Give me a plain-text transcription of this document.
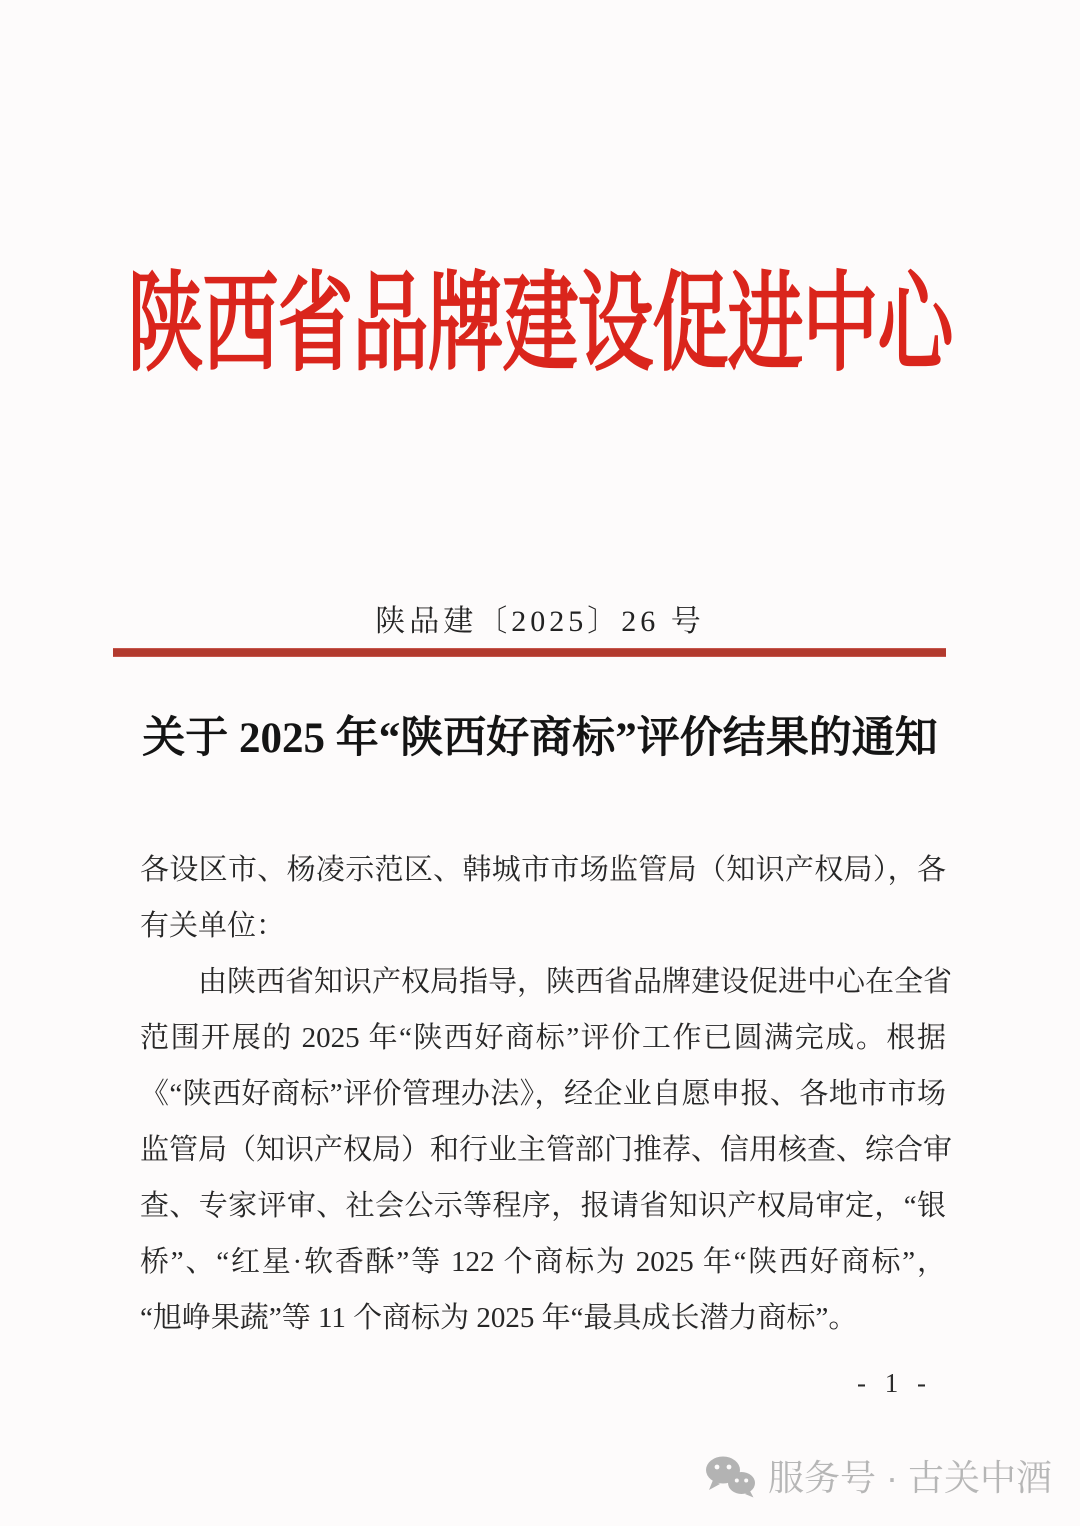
陕西省品牌建设促进中心
陕品建〔2025〕26 号
关于 2025 年“陕西好商标”评价结果的通知
各设区市、杨凌示范区、韩城市市场监管局（知识产权局），各
有关单位：
由陕西省知识产权局指导，陕西省品牌建设促进中心在全省
范围开展的 2025 年“陕西好商标”评价工作已圆满完成。根据
《“陕西好商标”评价管理办法》，经企业自愿申报、各地市市场
监管局（知识产权局）和行业主管部门推荐、信用核查、综合审
查、专家评审、社会公示等程序，报请省知识产权局审定，“银
桥”、“红星·软香酥”等 122 个商标为 2025 年“陕西好商标”，
“旭峥果蔬”等 11 个商标为 2025 年“最具成长潜力商标”。
- 1 -
服务号 · 古关中酒
